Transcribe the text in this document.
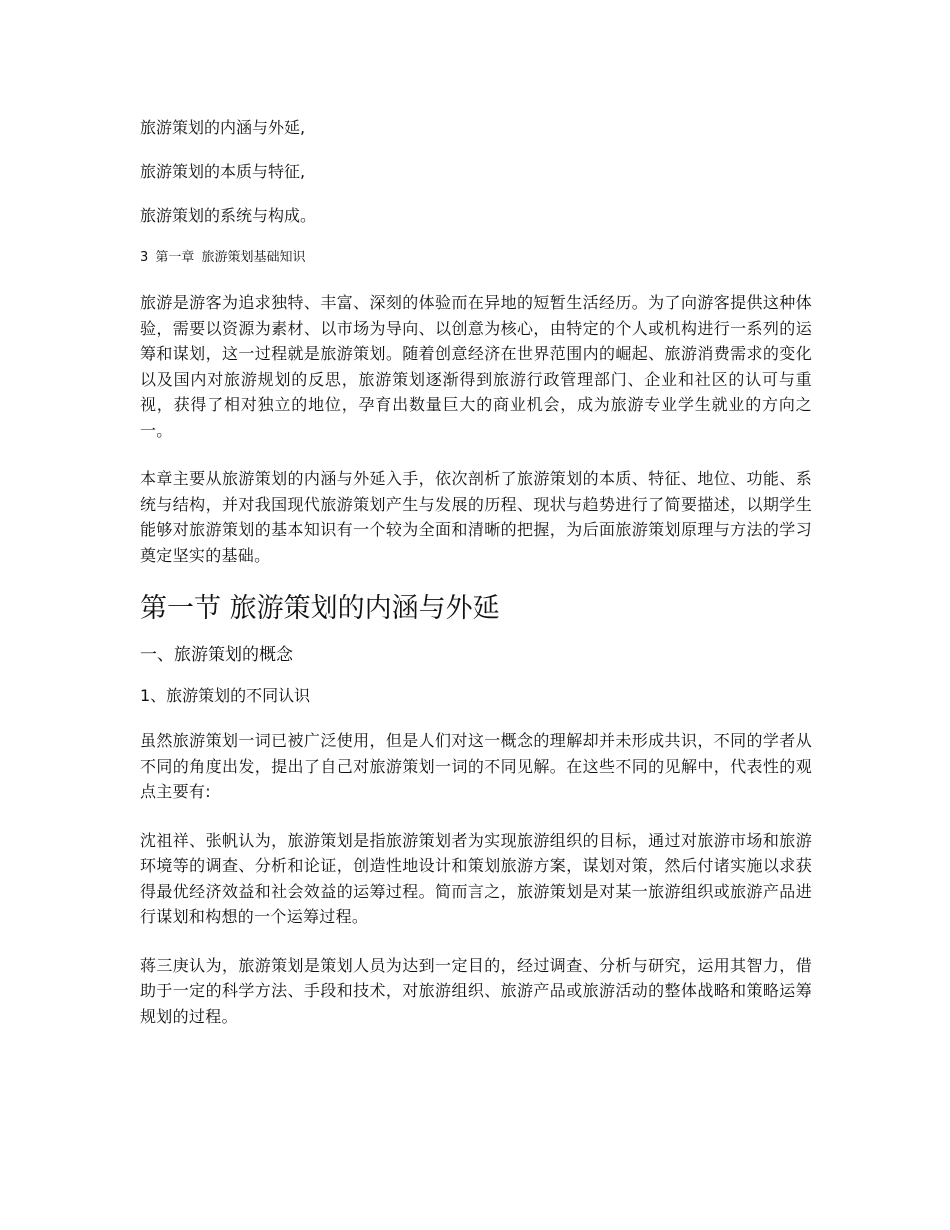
旅游策划的内涵与外延,

旅游策划的本质与特征,

旅游策划的系统与构成。

3 第一章 旅游策划基础知识

旅游是游客为追求独特、丰富、深刻的体验而在异地的短暂生活经历。为了向游客提供这种体验，需要以资源为素材、以市场为导向、以创意为核心，由特定的个人或机构进行一系列的运筹和谋划，这一过程就是旅游策划。随着创意经济在世界范围内的崛起、旅游消费需求的变化以及国内对旅游规划的反思，旅游策划逐渐得到旅游行政管理部门、企业和社区的认可与重视，获得了相对独立的地位，孕育出数量巨大的商业机会，成为旅游专业学生就业的方向之一。

本章主要从旅游策划的内涵与外延入手，依次剖析了旅游策划的本质、特征、地位、功能、系统与结构，并对我国现代旅游策划产生与发展的历程、现状与趋势进行了简要描述，以期学生能够对旅游策划的基本知识有一个较为全面和清晰的把握，为后面旅游策划原理与方法的学习奠定坚实的基础。

第一节 旅游策划的内涵与外延
一、旅游策划的概念
1、旅游策划的不同认识

虽然旅游策划一词已被广泛使用，但是人们对这一概念的理解却并未形成共识，不同的学者从不同的角度出发，提出了自己对旅游策划一词的不同见解。在这些不同的见解中，代表性的观点主要有:

沈祖祥、张帆认为，旅游策划是指旅游策划者为实现旅游组织的目标，通过对旅游市场和旅游环境等的调查、分析和论证，创造性地设计和策划旅游方案，谋划对策，然后付诸实施以求获得最优经济效益和社会效益的运筹过程。简而言之，旅游策划是对某一旅游组织或旅游产品进行谋划和构想的一个运筹过程。

蒋三庚认为，旅游策划是策划人员为达到一定目的，经过调查、分析与研究，运用其智力，借助于一定的科学方法、手段和技术，对旅游组织、旅游产品或旅游活动的整体战略和策略运筹规划的过程。
